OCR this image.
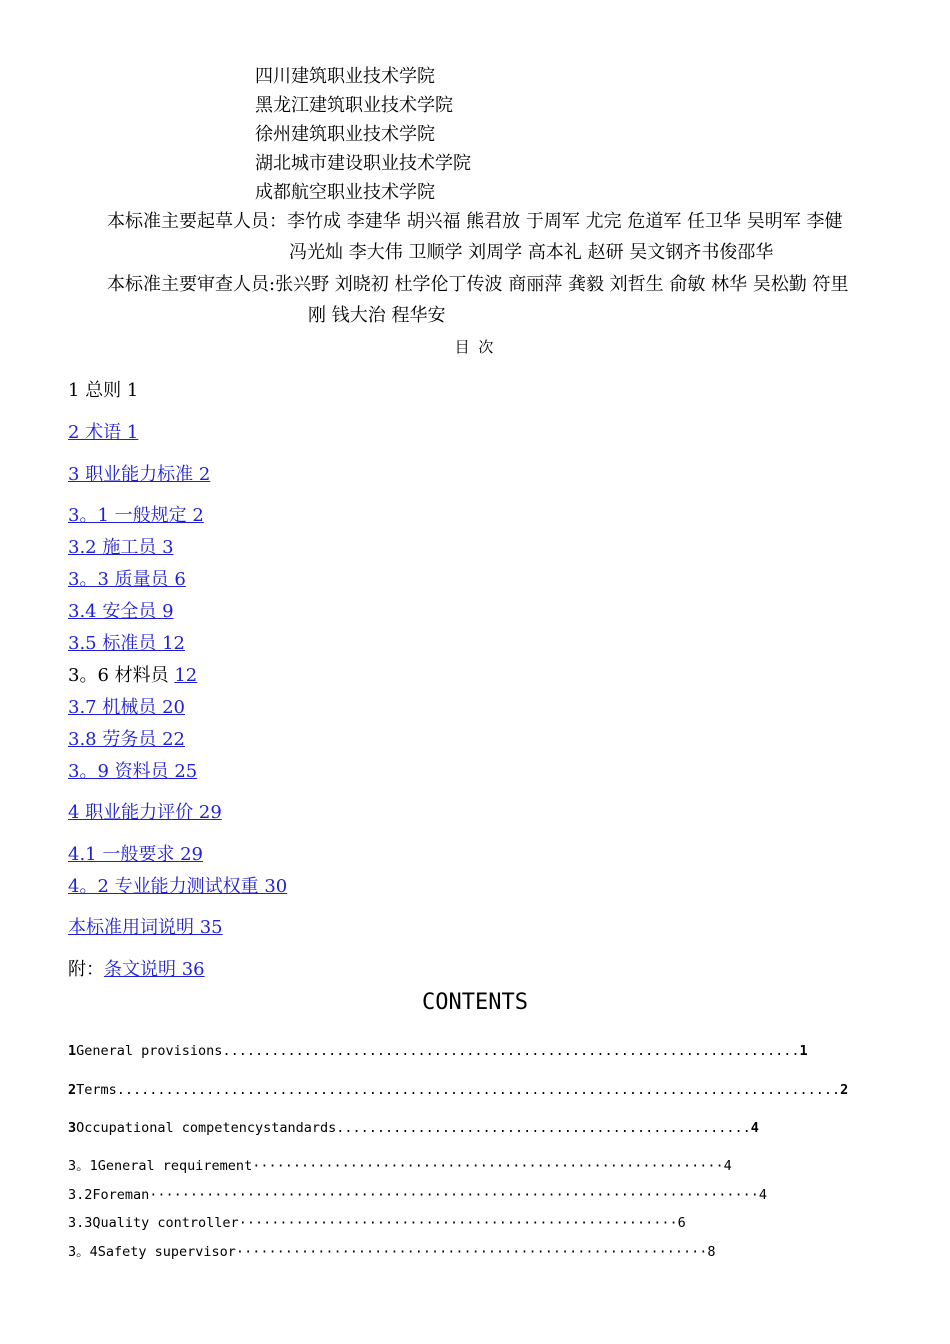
四川建筑职业技术学院
黑龙江建筑职业技术学院
徐州建筑职业技术学院
湖北城市建设职业技术学院
成都航空职业技术学院
本标准主要起草人员：李竹成 李建华 胡兴福 熊君放 于周军 尤完 危道军 任卫华 吴明军 李健
冯光灿 李大伟 卫顺学 刘周学 高本礼 赵研 吴文钢齐书俊邵华
本标准主要审查人员:张兴野 刘晓初 杜学伦丁传波 商丽萍 龚毅 刘哲生 俞敏 林华 吴松勤 符里
刚 钱大治 程华安
目 次
1 总则 1
2 术语 1
3 职业能力标准 2
3。1 一般规定 2
3.2 施工员 3
3。3 质量员 6
3.4 安全员 9
3.5 标准员 12
3。6 材料员 12
3.7 机械员 20
3.8 劳务员 22
3。9 资料员 25
4 职业能力评价 29
4.1 一般要求 29
4。2 专业能力测试权重 30
本标准用词说明 35
附：条文说明 36
CONTENTS
1General provisions.......................................................................1
2Terms.........................................................................................2
3Occupational competencystandards...................................................4
3。1General requirement··························································4
3.2Foreman···········································································4
3.3Quality controller······················································6
3。4Safety supervisor··························································8
